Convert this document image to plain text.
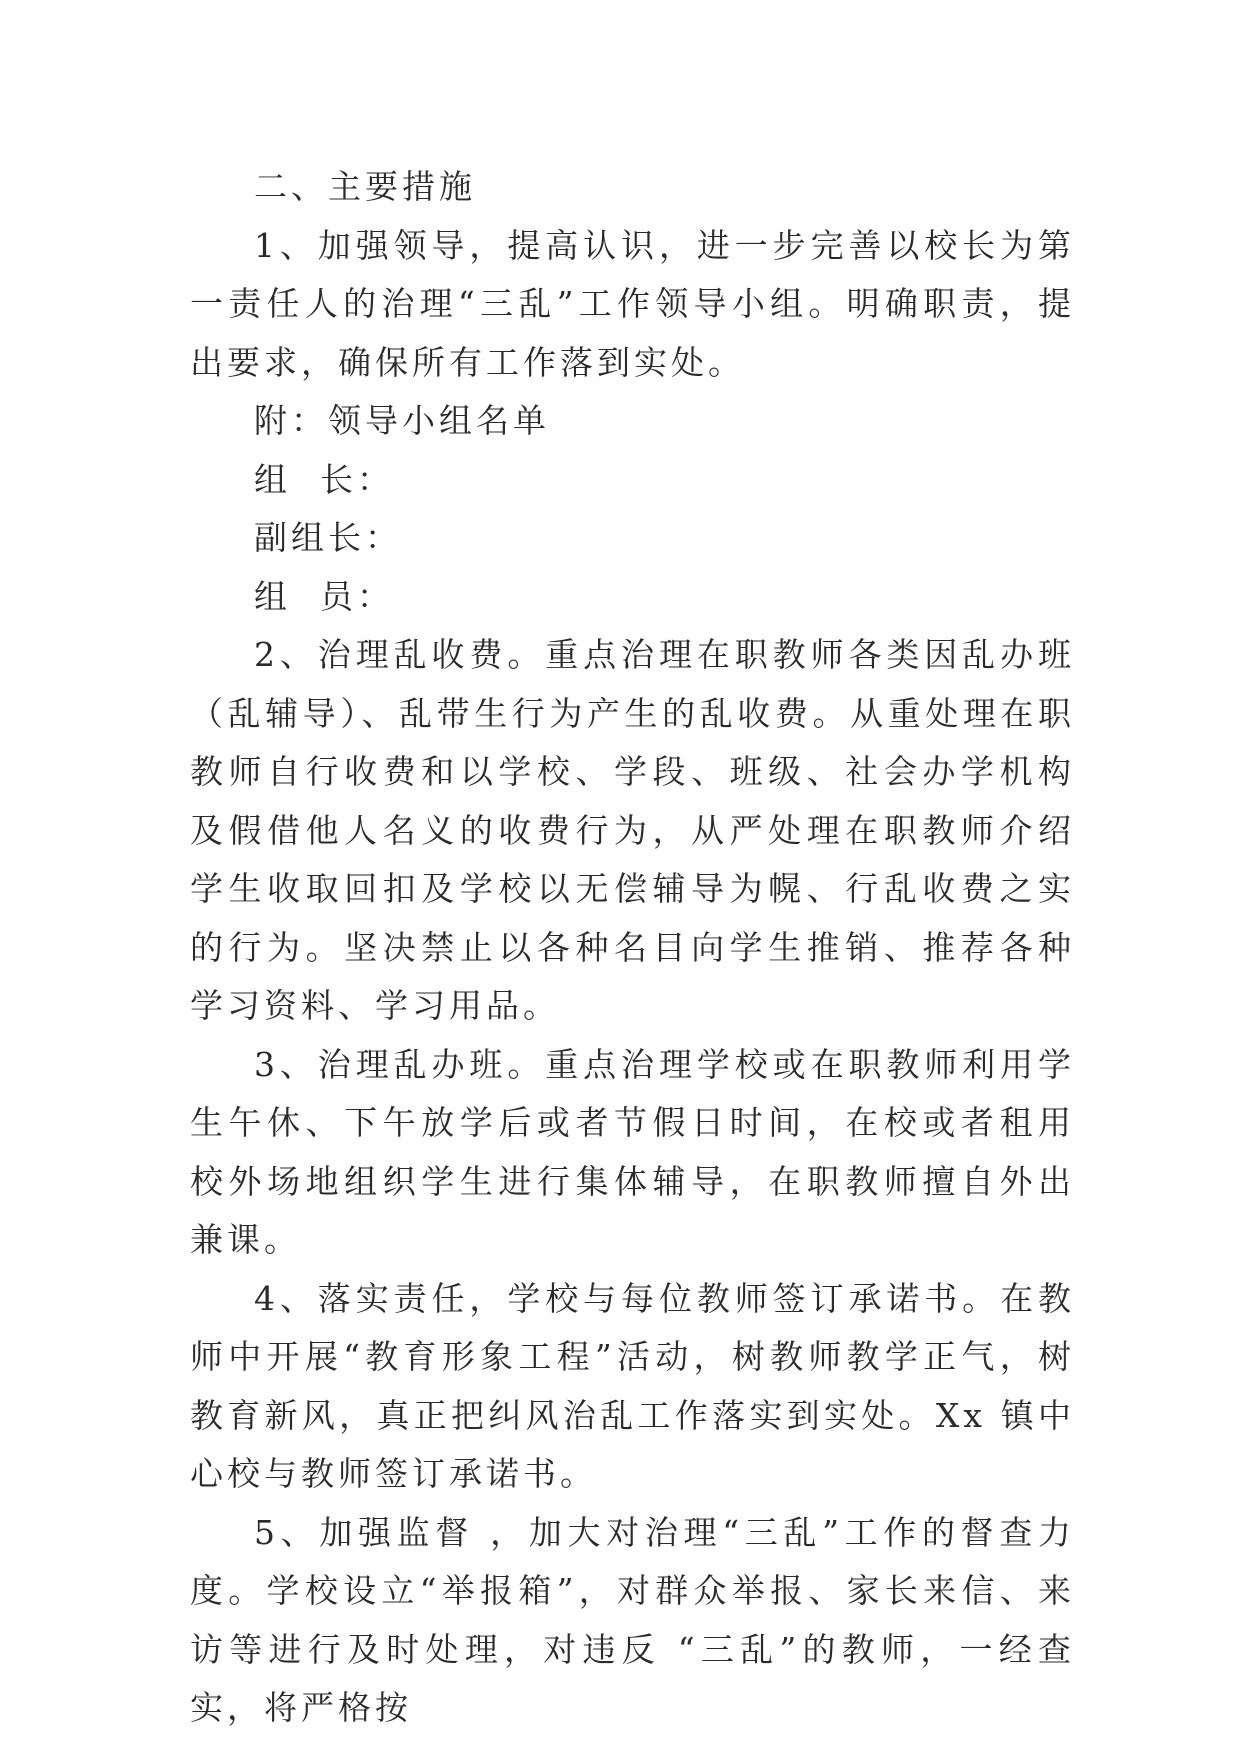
二、主要措施

1、加强领导，提高认识，进一步完善以校长为第一责任人的治理“三乱”工作领导小组。明确职责，提出要求，确保所有工作落到实处。

附：领导小组名单

组  长：

副组长：

组  员：

2、治理乱收费。重点治理在职教师各类因乱办班（乱辅导）、乱带生行为产生的乱收费。从重处理在职教师自行收费和以学校、学段、班级、社会办学机构及假借他人名义的收费行为，从严处理在职教师介绍学生收取回扣及学校以无偿辅导为幌、行乱收费之实的行为。坚决禁止以各种名目向学生推销、推荐各种学习资料、学习用品。

3、治理乱办班。重点治理学校或在职教师利用学生午休、下午放学后或者节假日时间，在校或者租用校外场地组织学生进行集体辅导，在职教师擅自外出兼课。

4、落实责任，学校与每位教师签订承诺书。在教师中开展“教育形象工程”活动，树教师教学正气，树教育新风，真正把纠风治乱工作落实到实处。Xx 镇中心校与教师签订承诺书。

5、加强监督 ，加大对治理“三乱”工作的督查力度。学校设立“举报箱”，对群众举报、家长来信、来访等进行及时处理，对违反 “三乱”的教师，一经查实，将严格按
